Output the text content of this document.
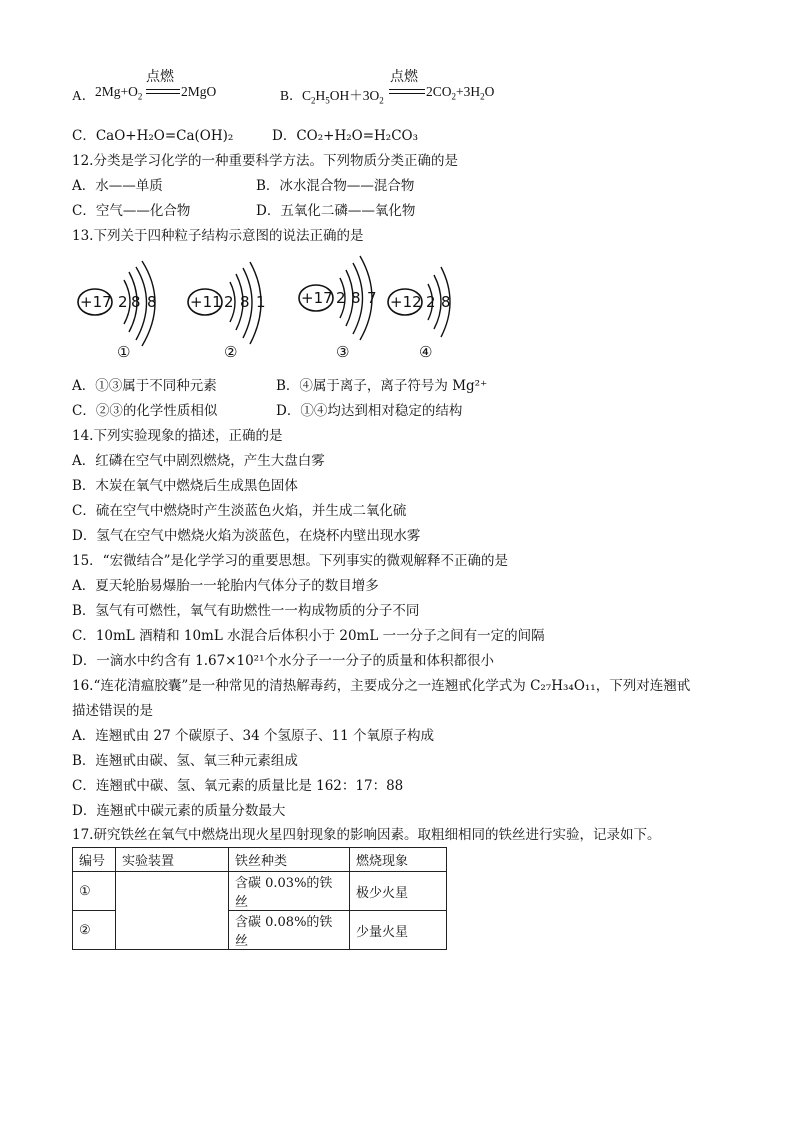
A． $2Mg+O_2$
点燃
2MgO	B． $C_2H_5OH+3O_2$
点燃
$2CO_2+3H_2O$
C．CaO+H₂O=Ca(OH)₂	D．CO₂+H₂O=H₂CO₃
12.分类是学习化学的一种重要科学方法。下列物质分类正确的是
A．水——单质	B．冰水混合物——混合物
C．空气——化合物	D．五氧化二磷——氧化物
13.下列关于四种粒子结构示意图的说法正确的是
+17 2 8 8
①
+11 2 8 1
②
+17 2 8 7
③
+12 2 8
④
A．①③属于不同种元素	B．④属于离子，离子符号为 Mg²⁺
C．②③的化学性质相似	D．①④均达到相对稳定的结构
14.下列实验现象的描述，正确的是
A．红磷在空气中剧烈燃烧，产生大盘白雾
B．木炭在氧气中燃烧后生成黑色固体
C．硫在空气中燃烧时产生淡蓝色火焰，并生成二氧化硫
D．氢气在空气中燃烧火焰为淡蓝色，在烧杯内壁出现水雾
15．“宏微结合”是化学学习的重要思想。下列事实的微观解释不正确的是
A．夏天轮胎易爆胎一一轮胎内气体分子的数目增多
B．氢气有可燃性，氧气有助燃性一一构成物质的分子不同
C．10mL 酒精和 10mL 水混合后体积小于 20mL 一一分子之间有一定的间隔
D．一滴水中约含有 1.67×10²¹个水分子一一分子的质量和体积都很小
16.“连花清瘟胶囊”是一种常见的清热解毒药，主要成分之一连翘甙化学式为 C₂₇H₃₄O₁₁，下列对连翘甙
描述错误的是
A．连翘甙由 27 个碳原子、34 个氢原子、11 个氧原子构成
B．连翘甙由碳、氢、氧三种元素组成
C．连翘甙中碳、氢、氧元素的质量比是 162：17：88
D．连翘甙中碳元素的质量分数最大
17.研究铁丝在氧气中燃烧出现火星四射现象的影响因素。取粗细相同的铁丝进行实验，记录如下。
编号	实验装置	铁丝种类	燃烧现象
①		含碳 0.03%的铁丝	极少火星
②		含碳 0.08%的铁丝	少量火星
